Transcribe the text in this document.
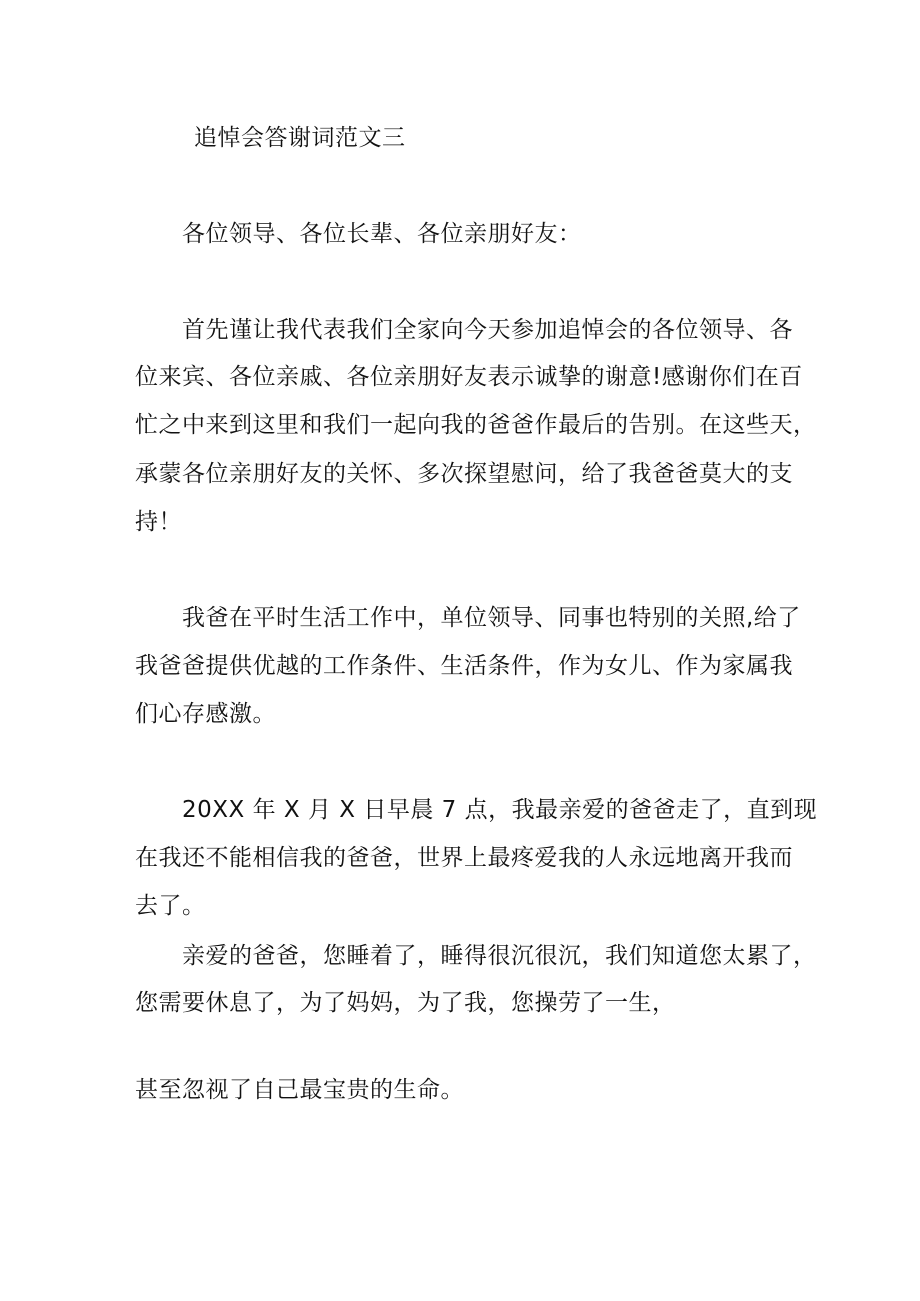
追悼会答谢词范文三
各位领导、各位长辈、各位亲朋好友：
首先谨让我代表我们全家向今天参加追悼会的各位领导、各
位来宾、各位亲戚、各位亲朋好友表示诚挚的谢意!感谢你们在百
忙之中来到这里和我们一起向我的爸爸作最后的告别。在这些天，
承蒙各位亲朋好友的关怀、多次探望慰问，给了我爸爸莫大的支
持！
我爸在平时生活工作中，单位领导、同事也特别的关照,给了
我爸爸提供优越的工作条件、生活条件，作为女儿、作为家属我
们心存感激。
20XX 年 X 月 X 日早晨 7 点，我最亲爱的爸爸走了，直到现
在我还不能相信我的爸爸，世界上最疼爱我的人永远地离开我而
去了。
亲爱的爸爸，您睡着了，睡得很沉很沉，我们知道您太累了，
您需要休息了，为了妈妈，为了我，您操劳了一生，
甚至忽视了自己最宝贵的生命。
